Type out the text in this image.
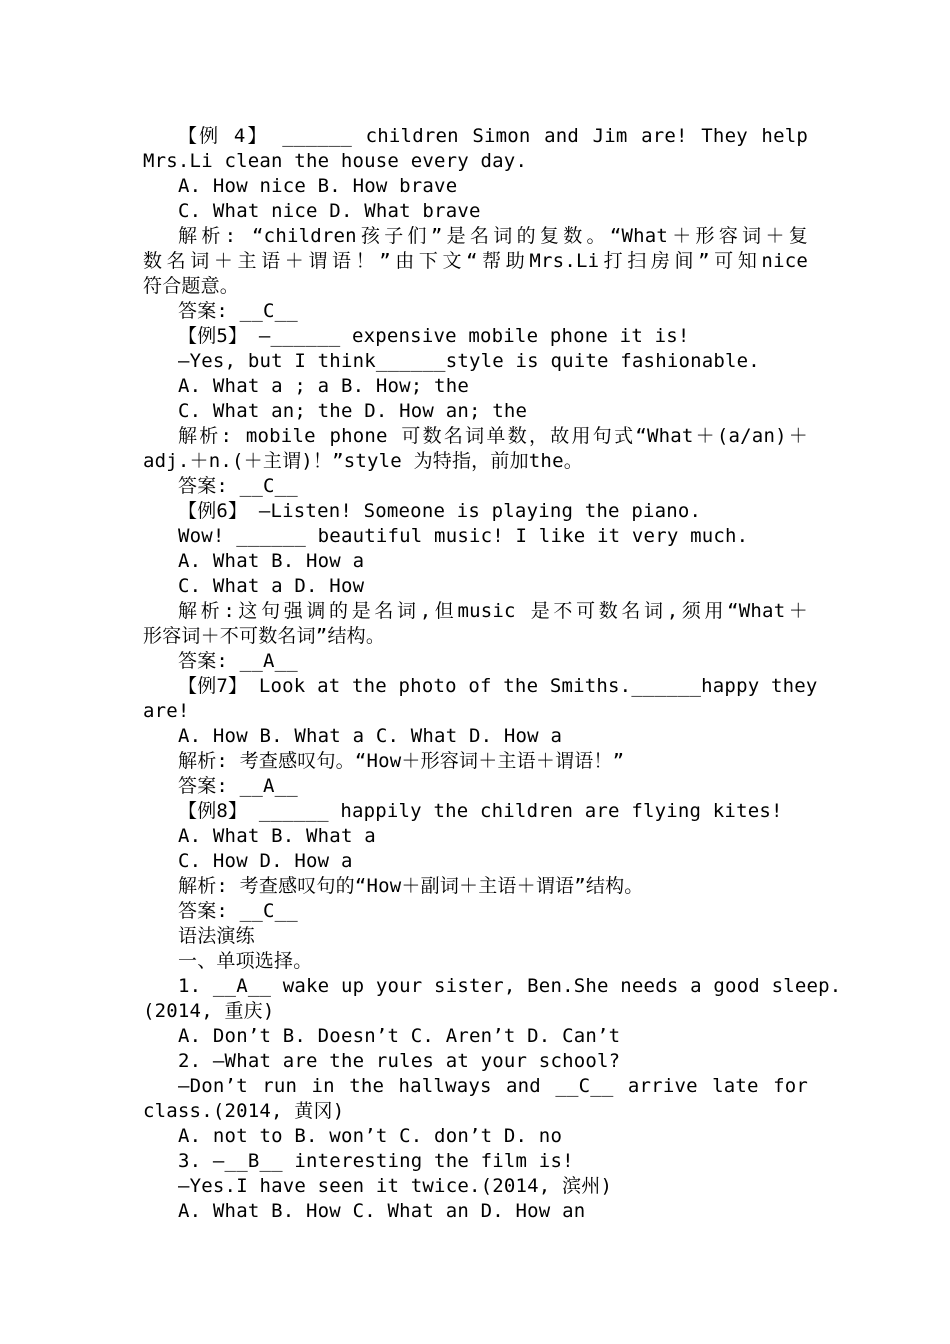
【例 4】 ______ children Simon and Jim are! They help
Mrs.Li clean the house every day.
A. How nice B. How brave
C. What nice D. What brave
解析: “children孩子们”是名词的复数。“What＋形容词＋复
数名词＋主语＋谓语！”由下文“帮助Mrs.Li打扫房间”可知nice
符合题意。
答案: __C__
【例5】 —______ expensive mobile phone it is!
—Yes, but I think______style is quite fashionable.
A. What a ; a B. How; the
C. What an; the D. How an; the
解析: mobile phone 可数名词单数，故用句式“What＋(a/an)＋
adj.＋n.(＋主谓)！”style 为特指，前加the。
答案: __C__
【例6】 —Listen! Someone is playing the piano.
Wow! ______ beautiful music! I like it very much.
A. What B. How a
C. What a D. How
解析:这句强调的是名词,但music 是不可数名词,须用“What＋
形容词＋不可数名词”结构。
答案: __A__
【例7】 Look at the photo of the Smiths.______happy they
are!
A. How B. What a C. What D. How a
解析: 考查感叹句。“How＋形容词＋主语＋谓语！”
答案: __A__
【例8】 ______ happily the children are flying kites!
A. What B. What a
C. How D. How a
解析: 考查感叹句的“How＋副词＋主语＋谓语”结构。
答案: __C__
语法演练
一、单项选择。
1. __A__ wake up your sister, Ben.She needs a good sleep.
(2014, 重庆)
A. Don’t B. Doesn’t C. Aren’t D. Can’t
2. —What are the rules at your school?
—Don’t run in the hallways and __C__ arrive late for
class.(2014, 黄冈)
A. not to B. won’t C. don’t D. no
3. —__B__ interesting the film is!
—Yes.I have seen it twice.(2014, 滨州)
A. What B. How C. What an D. How an
